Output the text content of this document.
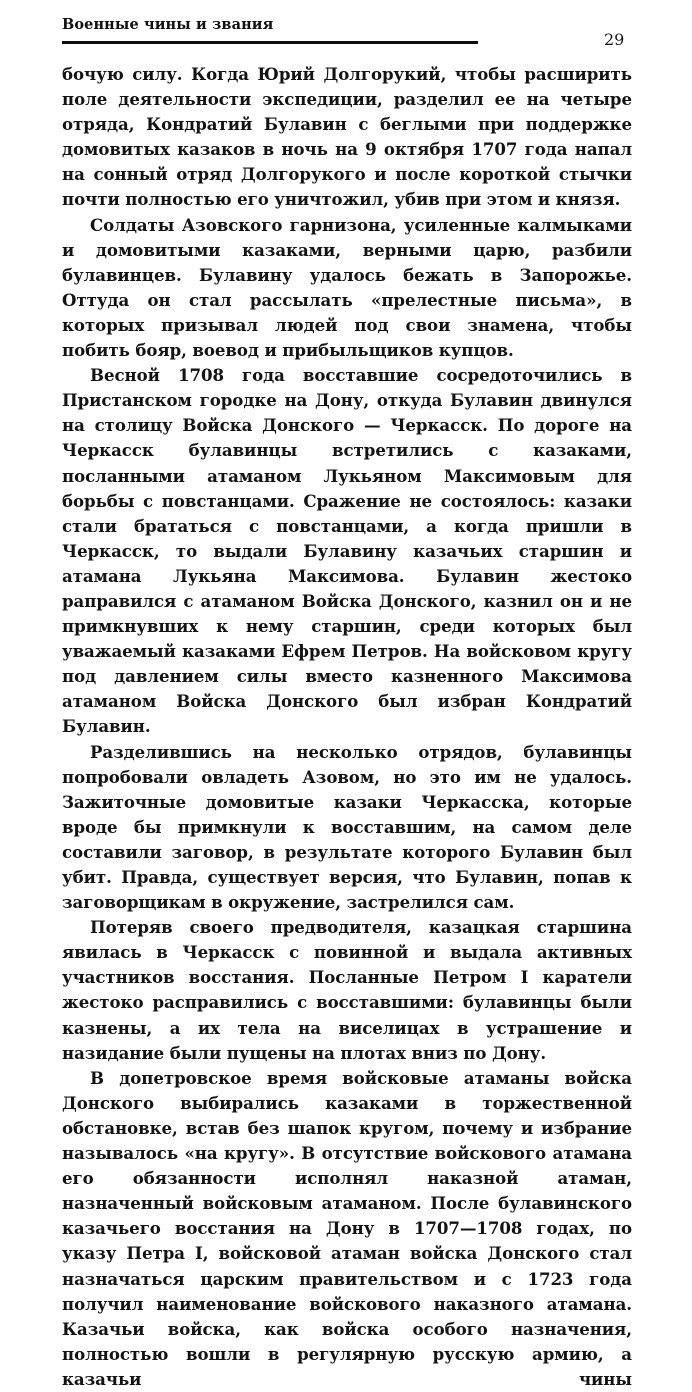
Военные чины и звания
29

бочую силу. Когда Юрий Долгорукий, чтобы расширить поле деятельности экспедиции, разделил ее на четыре отряда, Кондратий Булавин с беглыми при поддержке домовитых казаков в ночь на 9 октября 1707 года напал на сонный отряд Долгорукого и после короткой стычки почти полностью его уничтожил, убив при этом и князя.

Солдаты Азовского гарнизона, усиленные калмыками и домовитыми казаками, верными царю, разбили булавинцев. Булавину удалось бежать в Запорожье. Оттуда он стал рассылать «прелестные письма», в которых призывал людей под свои знамена, чтобы побить бояр, воевод и прибыльщиков купцов.

Весной 1708 года восставшие сосредоточились в Пристанском городке на Дону, откуда Булавин двинулся на столицу Войска Донского — Черкасск. По дороге на Черкасск булавинцы встретились с казаками, посланными атаманом Лукьяном Максимовым для борьбы с повстанцами. Сражение не состоялось: казаки стали брататься с повстанцами, а когда пришли в Черкасск, то выдали Булавину казачьих старшин и атамана Лукьяна Максимова. Булавин жестоко раправился с атаманом Войска Донского, казнил он и не примкнувших к нему старшин, среди которых был уважаемый казаками Ефрем Петров. На войсковом кругу под давлением силы вместо казненного Максимова атаманом Войска Донского был избран Кондратий Булавин.

Разделившись на несколько отрядов, булавинцы попробовали овладеть Азовом, но это им не удалось. Зажиточные домовитые казаки Черкасска, которые вроде бы примкнули к восставшим, на самом деле составили заговор, в результате которого Булавин был убит. Правда, существует версия, что Булавин, попав к заговорщикам в окружение, застрелился сам.

Потеряв своего предводителя, казацкая старшина явилась в Черкасск с повинной и выдала активных участников восстания. Посланные Петром I каратели жестоко расправились с восставшими: булавинцы были казнены, а их тела на виселицах в устрашение и назидание были пущены на плотах вниз по Дону.

В допетровское время войсковые атаманы войска Донского выбирались казаками в торжественной обстановке, встав без шапок кругом, почему и избрание называлось «на кругу». В отсутствие войскового атамана его обязанности исполнял наказной атаман, назначенный войсковым атаманом. После булавинского казачьего восстания на Дону в 1707—1708 годах, по указу Петра I, войсковой атаман войска Донского стал назначаться царским правительством и с 1723 года получил наименование войскового наказного атамана. Казачьи войска, как войска особого назначения, полностью вошли в регулярную русскую армию, а казачьи чины
